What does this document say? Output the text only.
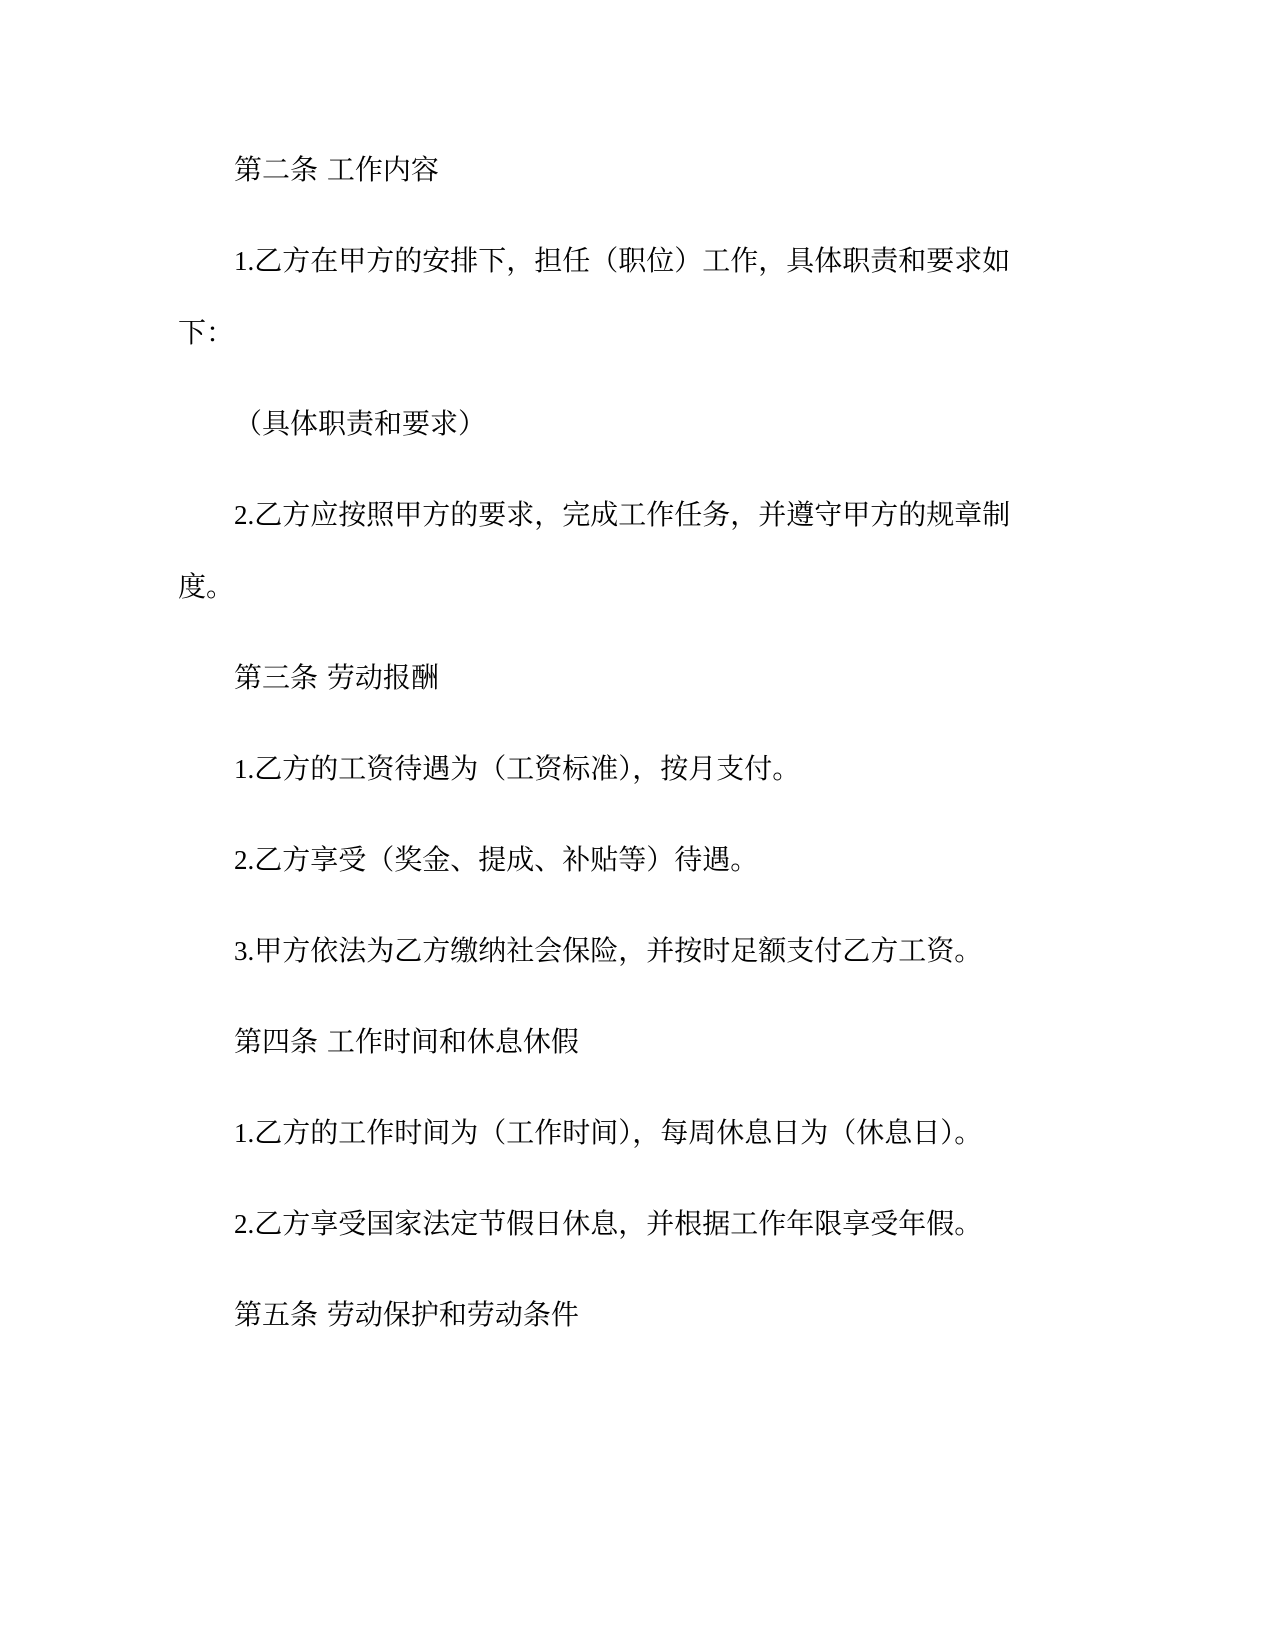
第二条 工作内容
1.乙方在甲方的安排下，担任（职位）工作，具体职责和要求如
下：
（具体职责和要求）
2.乙方应按照甲方的要求，完成工作任务，并遵守甲方的规章制
度。
第三条 劳动报酬
1.乙方的工资待遇为（工资标准），按月支付。
2.乙方享受（奖金、提成、补贴等）待遇。
3.甲方依法为乙方缴纳社会保险，并按时足额支付乙方工资。
第四条 工作时间和休息休假
1.乙方的工作时间为（工作时间），每周休息日为（休息日）。
2.乙方享受国家法定节假日休息，并根据工作年限享受年假。
第五条 劳动保护和劳动条件
